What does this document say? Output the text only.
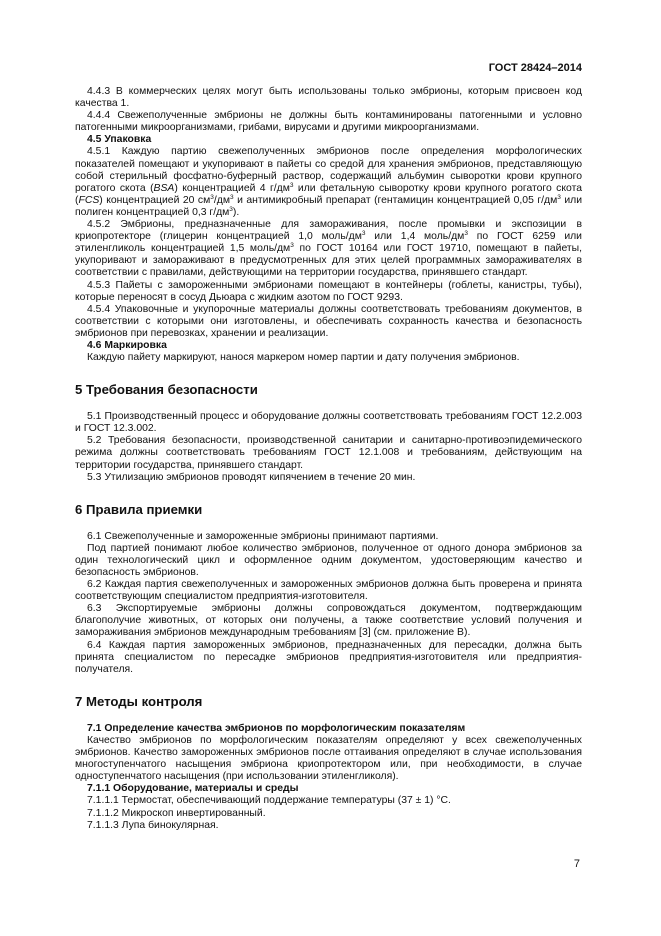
ГОСТ 28424–2014

4.4.3 В коммерческих целях могут быть использованы только эмбрионы, которым присвоен код качества 1.

4.4.4 Свежеполученные эмбрионы не должны быть контаминированы патогенными и условно патогенными микроорганизмами, грибами, вирусами и другими микроорганизмами.

4.5 Упаковка

4.5.1 Каждую партию свежеполученных эмбрионов после определения морфологических показателей помещают и укупоривают в пайеты со средой для хранения эмбрионов, представляющую собой стерильный фосфатно-буферный раствор, содержащий альбумин сыворотки крови крупного рогатого скота (BSA) концентрацией 4 $г/дм^3$ или фетальную сыворотку крови крупного рогатого скота (FCS) концентрацией 20 $см^3/дм^3$ и антимикробный препарат (гентамицин концентрацией 0,05 $г/дм^3$ или полиген концентрацией 0,3 $г/дм^3$).

4.5.2 Эмбрионы, предназначенные для замораживания, после промывки и экспозиции в криопротекторе (глицерин концентрацией 1,0 моль/$дм^3$ или 1,4 моль/$дм^3$ по ГОСТ 6259 или этиленгликоль концентрацией 1,5 моль/$дм^3$ по ГОСТ 10164 или ГОСТ 19710, помещают в пайеты, укупоривают и замораживают в предусмотренных для этих целей программных замораживателях в соответствии с правилами, действующими на территории государства, принявшего стандарт.

4.5.3 Пайеты с замороженными эмбрионами помещают в контейнеры (гоблеты, канистры, тубы), которые переносят в сосуд Дьюара с жидким азотом по ГОСТ 9293.

4.5.4 Упаковочные и укупорочные материалы должны соответствовать требованиям документов, в соответствии с которыми они изготовлены, и обеспечивать сохранность качества и безопасность эмбрионов при перевозках, хранении и реализации.

4.6 Маркировка

Каждую пайету маркируют, нанося маркером номер партии и дату получения эмбрионов.

5 Требования безопасности

5.1 Производственный процесс и оборудование должны соответствовать требованиям ГОСТ 12.2.003 и ГОСТ 12.3.002.

5.2 Требования безопасности, производственной санитарии и санитарно-противоэпидемического режима должны соответствовать требованиям ГОСТ 12.1.008 и требованиям, действующим на территории государства, принявшего стандарт.

5.3 Утилизацию эмбрионов проводят кипячением в течение 20 мин.

6 Правила приемки

6.1 Свежеполученные и замороженные эмбрионы принимают партиями.

Под партией понимают любое количество эмбрионов, полученное от одного донора эмбрионов за один технологический цикл и оформленное одним документом, удостоверяющим качество и безопасность эмбрионов.

6.2 Каждая партия свежеполученных и замороженных эмбрионов должна быть проверена и принята соответствующим специалистом предприятия-изготовителя.

6.3 Экспортируемые эмбрионы должны сопровождаться документом, подтверждающим благополучие животных, от которых они получены, а также соответствие условий получения и замораживания эмбрионов международным требованиям [3] (см. приложение В).

6.4 Каждая партия замороженных эмбрионов, предназначенных для пересадки, должна быть принята специалистом по пересадке эмбрионов предприятия-изготовителя или предприятия-получателя.

7 Методы контроля

7.1 Определение качества эмбрионов по морфологическим показателям

Качество эмбрионов по морфологическим показателям определяют у всех свежеполученных эмбрионов. Качество замороженных эмбрионов после оттаивания определяют в случае использования многоступенчатого насыщения эмбриона криопротектором или, при необходимости, в случае одноступенчатого насыщения (при использовании этиленгликоля).

7.1.1 Оборудование, материалы и среды

7.1.1.1 Термостат, обеспечивающий поддержание температуры (37 ± 1) °С.

7.1.1.2 Микроскоп инвертированный.

7.1.1.3 Лупа бинокулярная.

7
